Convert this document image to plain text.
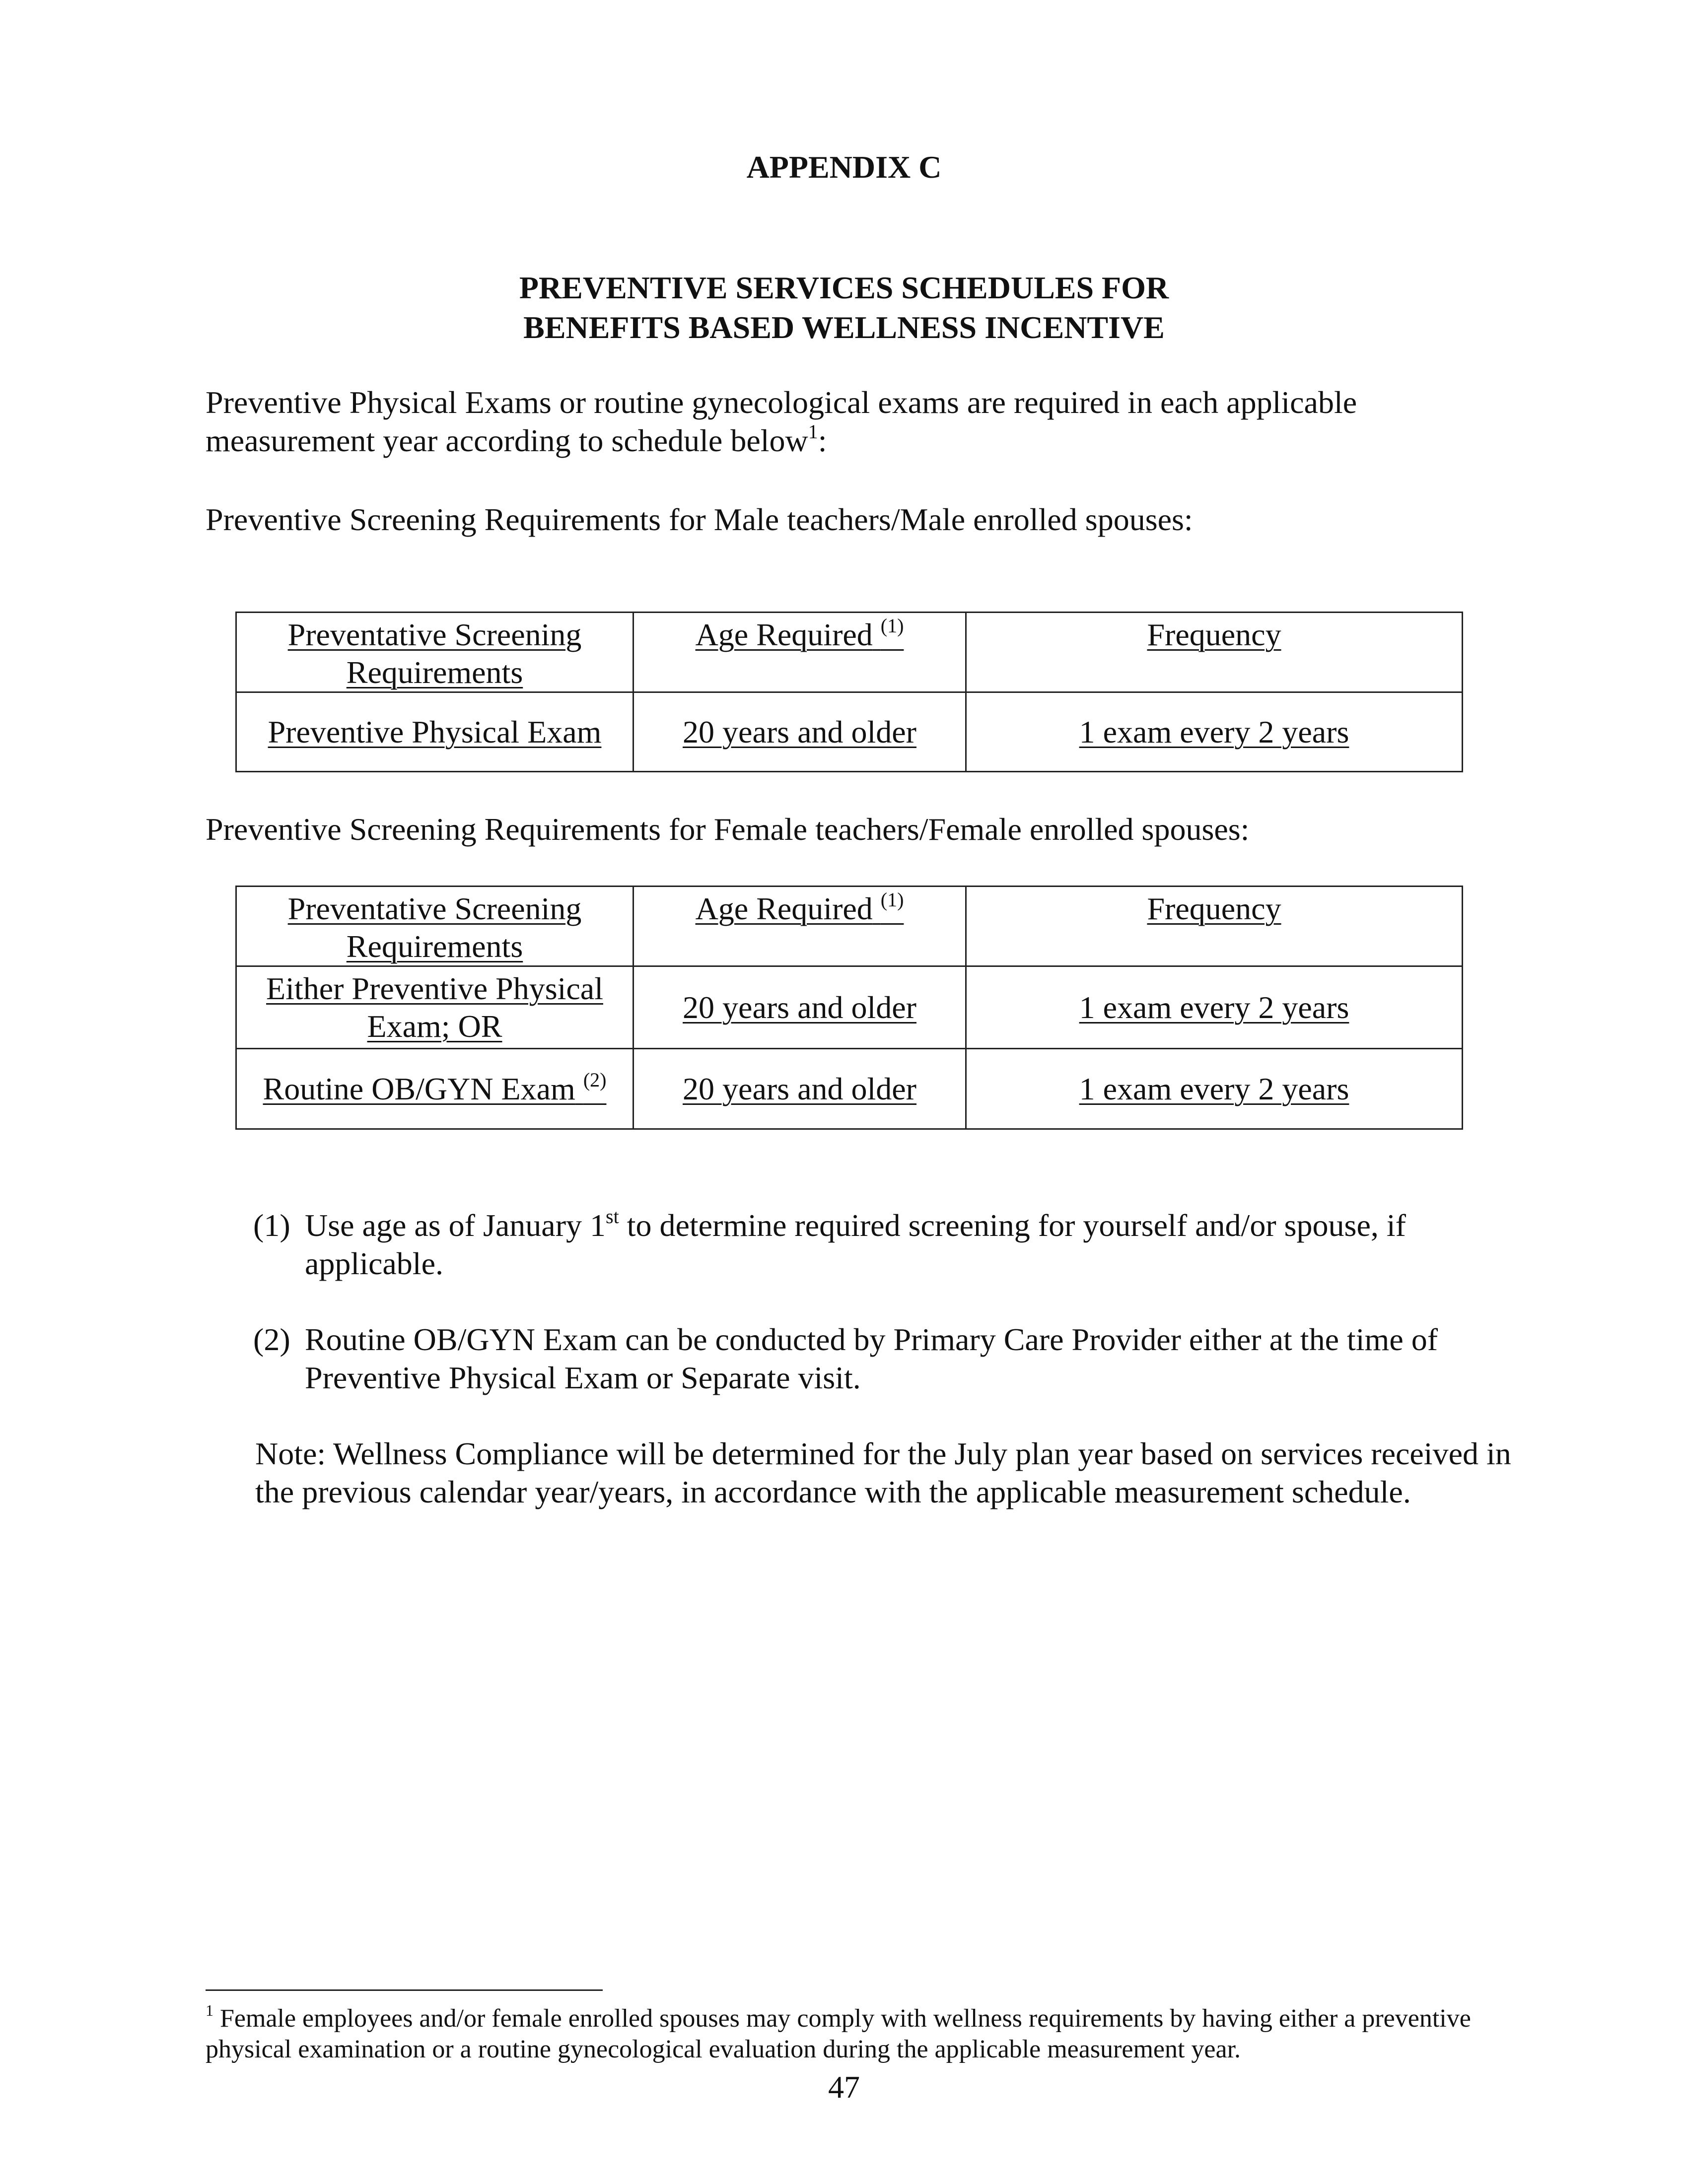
APPENDIX C
PREVENTIVE SERVICES SCHEDULES FOR
BENEFITS BASED WELLNESS INCENTIVE
Preventive Physical Exams or routine gynecological exams are required in each applicable measurement year according to schedule below$^1$:
Preventive Screening Requirements for Male teachers/Male enrolled spouses:
Preventative Screening Requirements	Age Required $^{(1)}$	Frequency
Preventive Physical Exam	20 years and older	1 exam every 2 years
Preventive Screening Requirements for Female teachers/Female enrolled spouses:
Preventative Screening Requirements	Age Required $^{(1)}$	Frequency
Either Preventive Physical Exam; OR	20 years and older	1 exam every 2 years
Routine OB/GYN Exam $^{(2)}$	20 years and older	1 exam every 2 years
(1) Use age as of January 1st to determine required screening for yourself and/or spouse, if applicable.
(2) Routine OB/GYN Exam can be conducted by Primary Care Provider either at the time of Preventive Physical Exam or Separate visit.
Note: Wellness Compliance will be determined for the July plan year based on services received in the previous calendar year/years, in accordance with the applicable measurement schedule.
$^1$ Female employees and/or female enrolled spouses may comply with wellness requirements by having either a preventive physical examination or a routine gynecological evaluation during the applicable measurement year.
47
